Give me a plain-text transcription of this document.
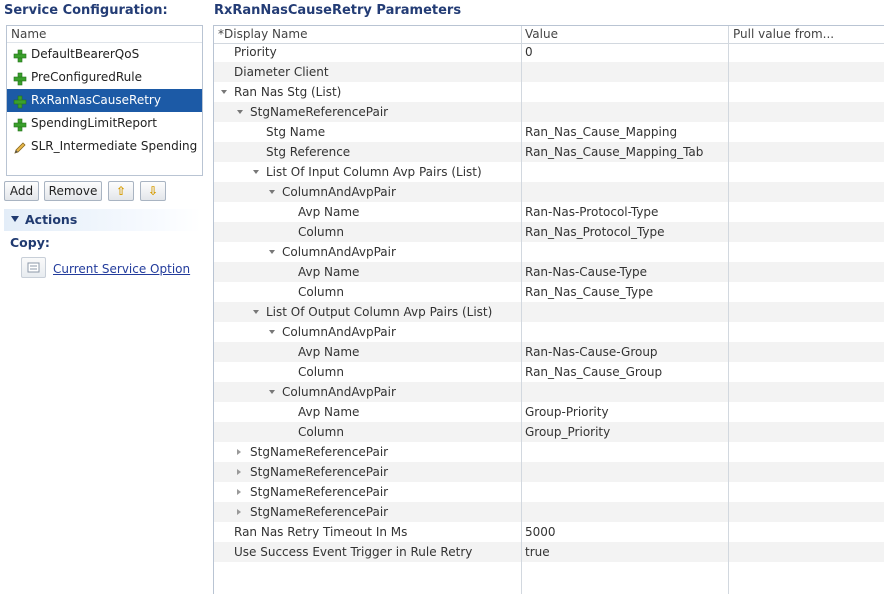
Service Configuration:
Name
DefaultBearerQoS
PreConfiguredRule
RxRanNasCauseRetry
SpendingLimitReport
SLR_Intermediate Spending
Add	Remove	⇧	⇩
Actions
Copy:
Current Service Option
RxRanNasCauseRetry Parameters
*Display Name	Value	Pull value from...
Priority	0
Diameter Client
Ran Nas Stg (List)
StgNameReferencePair
Stg Name	Ran_Nas_Cause_Mapping
Stg Reference	Ran_Nas_Cause_Mapping_Tab
List Of Input Column Avp Pairs (List)
ColumnAndAvpPair
Avp Name	Ran-Nas-Protocol-Type
Column	Ran_Nas_Protocol_Type
ColumnAndAvpPair
Avp Name	Ran-Nas-Cause-Type
Column	Ran_Nas_Cause_Type
List Of Output Column Avp Pairs (List)
ColumnAndAvpPair
Avp Name	Ran-Nas-Cause-Group
Column	Ran_Nas_Cause_Group
ColumnAndAvpPair
Avp Name	Group-Priority
Column	Group_Priority
StgNameReferencePair
StgNameReferencePair
StgNameReferencePair
StgNameReferencePair
Ran Nas Retry Timeout In Ms	5000
Use Success Event Trigger in Rule Retry	true
